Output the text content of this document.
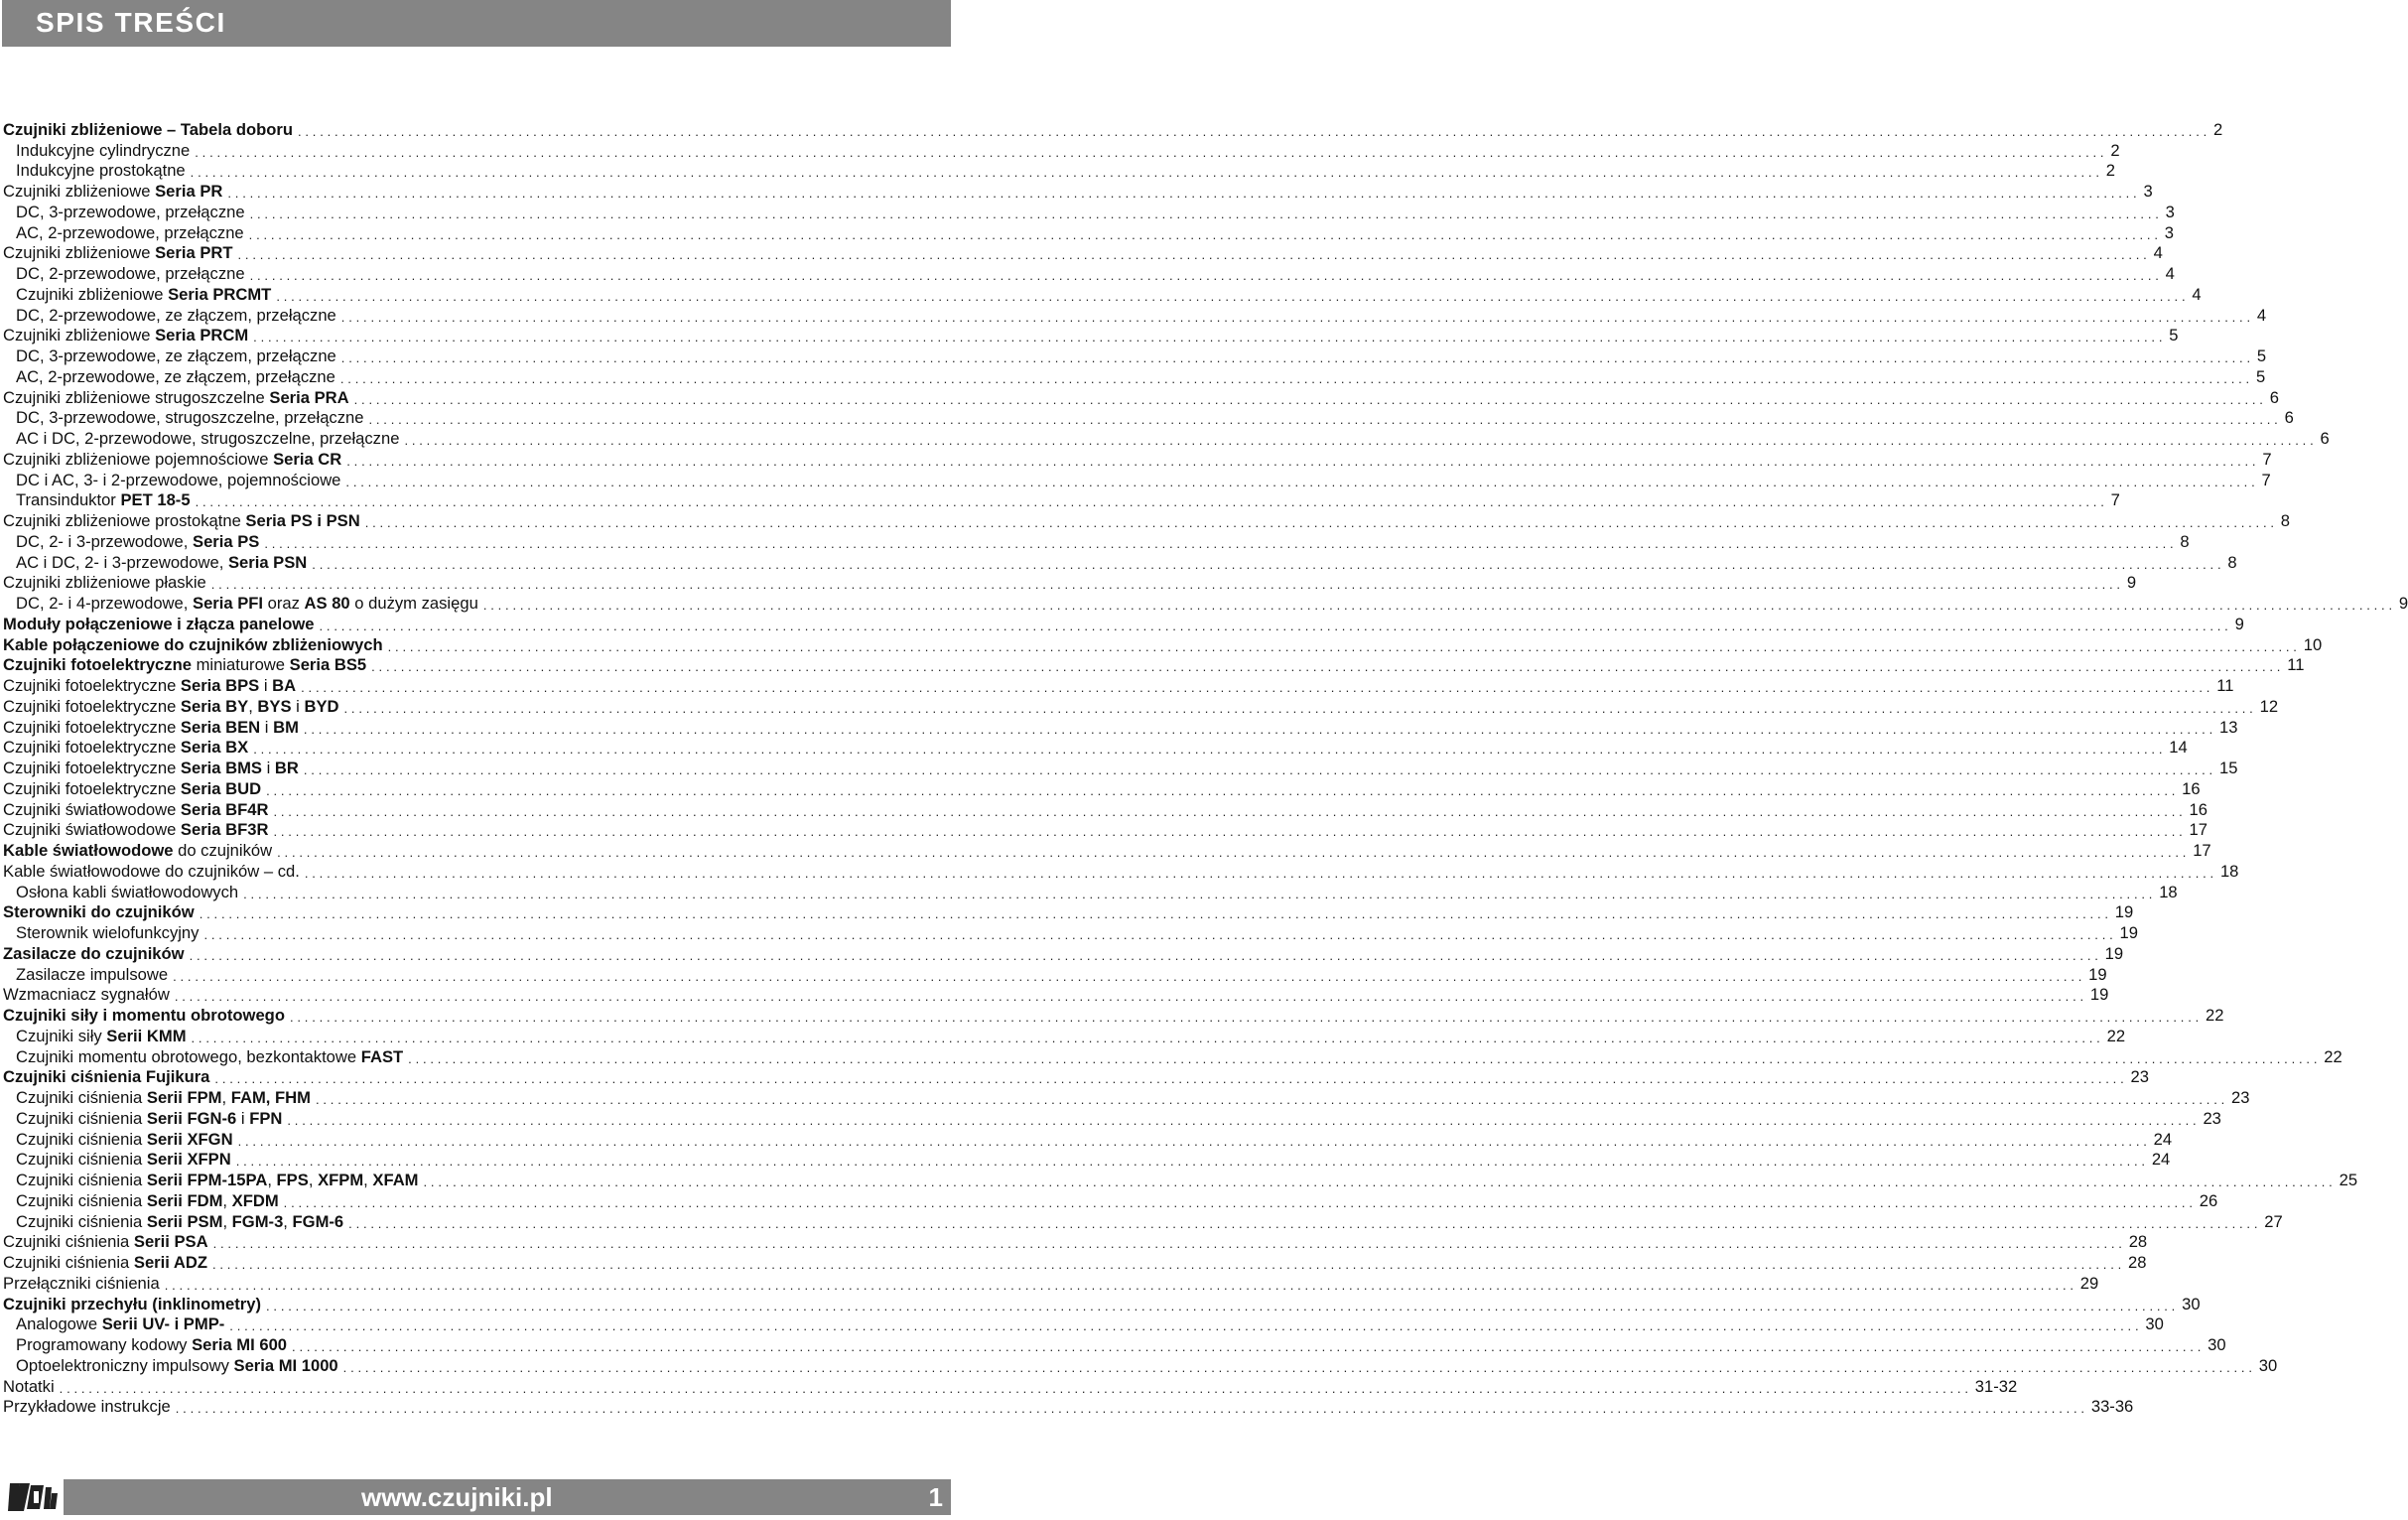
SPIS TREŚCI
Czujniki zbliżeniowe – Tabela doboru .................................................................................................................................................................................................................................................................... 2
Indukcyjne cylindryczne .................................................................................................................................................................................................................................................................... 2
Indukcyjne prostokątne .................................................................................................................................................................................................................................................................... 2
Czujniki zbliżeniowe Seria PR .................................................................................................................................................................................................................................................................... 3
DC, 3-przewodowe, przełączne .................................................................................................................................................................................................................................................................... 3
AC, 2-przewodowe, przełączne .................................................................................................................................................................................................................................................................... 3
Czujniki zbliżeniowe Seria PRT .................................................................................................................................................................................................................................................................... 4
DC, 2-przewodowe, przełączne .................................................................................................................................................................................................................................................................... 4
Czujniki zbliżeniowe Seria PRCMT .................................................................................................................................................................................................................................................................... 4
DC, 2-przewodowe, ze złączem, przełączne .................................................................................................................................................................................................................................................................... 4
Czujniki zbliżeniowe Seria PRCM .................................................................................................................................................................................................................................................................... 5
DC, 3-przewodowe, ze złączem, przełączne .................................................................................................................................................................................................................................................................... 5
AC, 2-przewodowe, ze złączem, przełączne .................................................................................................................................................................................................................................................................... 5
Czujniki zbliżeniowe strugoszczelne Seria PRA .................................................................................................................................................................................................................................................................... 6
DC, 3-przewodowe, strugoszczelne, przełączne .................................................................................................................................................................................................................................................................... 6
AC i DC, 2-przewodowe, strugoszczelne, przełączne .................................................................................................................................................................................................................................................................... 6
Czujniki zbliżeniowe pojemnościowe Seria CR .................................................................................................................................................................................................................................................................... 7
DC i AC, 3- i 2-przewodowe, pojemnościowe .................................................................................................................................................................................................................................................................... 7
Transinduktor PET 18-5 .................................................................................................................................................................................................................................................................... 7
Czujniki zbliżeniowe prostokątne Seria PS i PSN .................................................................................................................................................................................................................................................................... 8
DC, 2- i 3-przewodowe, Seria PS .................................................................................................................................................................................................................................................................... 8
AC i DC, 2- i 3-przewodowe, Seria PSN .................................................................................................................................................................................................................................................................... 8
Czujniki zbliżeniowe płaskie .................................................................................................................................................................................................................................................................... 9
DC, 2- i 4-przewodowe, Seria PFI oraz AS 80 o dużym zasięgu .................................................................................................................................................................................................................................................................... 9
Moduły połączeniowe i złącza panelowe .................................................................................................................................................................................................................................................................... 9
Kable połączeniowe do czujników zbliżeniowych .................................................................................................................................................................................................................................................................... 10
Czujniki fotoelektryczne miniaturowe Seria BS5 .................................................................................................................................................................................................................................................................... 11
Czujniki fotoelektryczne Seria BPS i BA .................................................................................................................................................................................................................................................................... 11
Czujniki fotoelektryczne Seria BY, BYS i BYD .................................................................................................................................................................................................................................................................... 12
Czujniki fotoelektryczne Seria BEN i BM .................................................................................................................................................................................................................................................................... 13
Czujniki fotoelektryczne Seria BX .................................................................................................................................................................................................................................................................... 14
Czujniki fotoelektryczne Seria BMS i BR .................................................................................................................................................................................................................................................................... 15
Czujniki fotoelektryczne Seria BUD .................................................................................................................................................................................................................................................................... 16
Czujniki światłowodowe Seria BF4R .................................................................................................................................................................................................................................................................... 16
Czujniki światłowodowe Seria BF3R .................................................................................................................................................................................................................................................................... 17
Kable światłowodowe do czujników .................................................................................................................................................................................................................................................................... 17
Kable światłowodowe do czujników – cd. .................................................................................................................................................................................................................................................................... 18
Osłona kabli światłowodowych .................................................................................................................................................................................................................................................................... 18
Sterowniki do czujników .................................................................................................................................................................................................................................................................... 19
Sterownik wielofunkcyjny .................................................................................................................................................................................................................................................................... 19
Zasilacze do czujników .................................................................................................................................................................................................................................................................... 19
Zasilacze impulsowe .................................................................................................................................................................................................................................................................... 19
Wzmacniacz sygnałów .................................................................................................................................................................................................................................................................... 19
Czujniki siły i momentu obrotowego .................................................................................................................................................................................................................................................................... 22
Czujniki siły Serii KMM .................................................................................................................................................................................................................................................................... 22
Czujniki momentu obrotowego, bezkontaktowe FAST .................................................................................................................................................................................................................................................................... 22
Czujniki ciśnienia Fujikura .................................................................................................................................................................................................................................................................... 23
Czujniki ciśnienia Serii FPM, FAM, FHM .................................................................................................................................................................................................................................................................... 23
Czujniki ciśnienia Serii FGN-6 i FPN .................................................................................................................................................................................................................................................................... 23
Czujniki ciśnienia Serii XFGN .................................................................................................................................................................................................................................................................... 24
Czujniki ciśnienia Serii XFPN .................................................................................................................................................................................................................................................................... 24
Czujniki ciśnienia Serii FPM-15PA, FPS, XFPM, XFAM .................................................................................................................................................................................................................................................................... 25
Czujniki ciśnienia Serii FDM, XFDM .................................................................................................................................................................................................................................................................... 26
Czujniki ciśnienia Serii PSM, FGM-3, FGM-6 .................................................................................................................................................................................................................................................................... 27
Czujniki ciśnienia Serii PSA .................................................................................................................................................................................................................................................................... 28
Czujniki ciśnienia Serii ADZ .................................................................................................................................................................................................................................................................... 28
Przełączniki ciśnienia .................................................................................................................................................................................................................................................................... 29
Czujniki przechyłu (inklinometry) .................................................................................................................................................................................................................................................................... 30
Analogowe Serii UV- i PMP- .................................................................................................................................................................................................................................................................... 30
Programowany kodowy Seria MI 600 .................................................................................................................................................................................................................................................................... 30
Optoelektroniczny impulsowy Seria MI 1000 .................................................................................................................................................................................................................................................................... 30
Notatki .................................................................................................................................................................................................................................................................... 31-32
Przykładowe instrukcje .................................................................................................................................................................................................................................................................... 33-36
www.czujniki.pl	1
